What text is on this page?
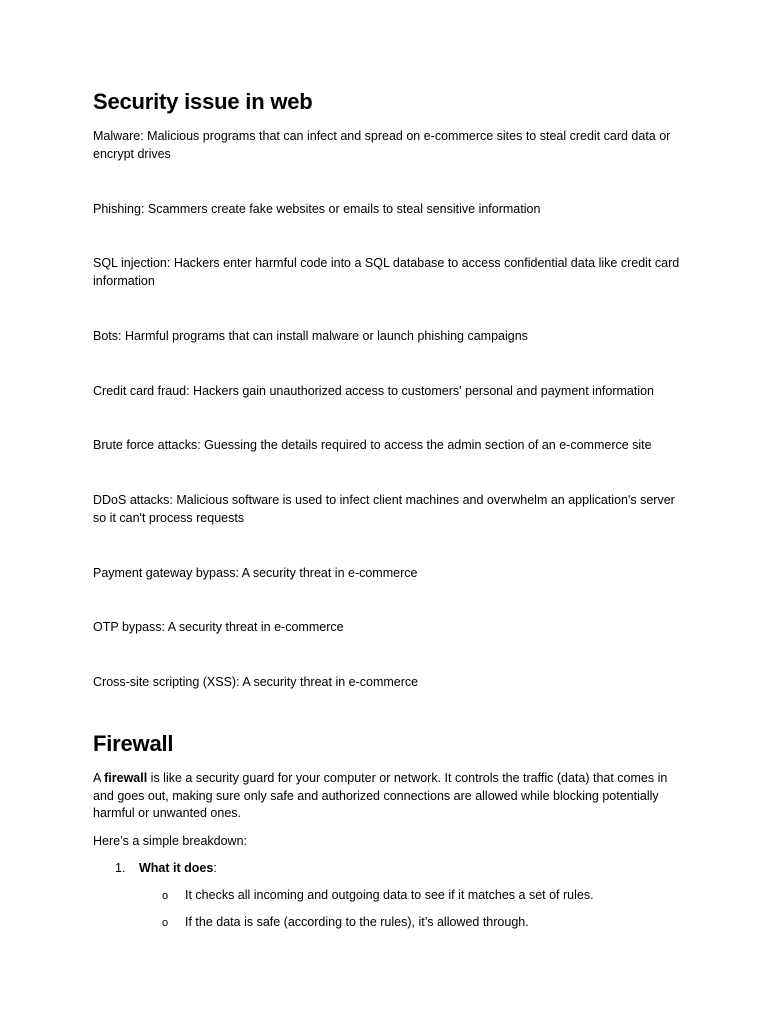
Security issue in web

Malware: Malicious programs that can infect and spread on e-commerce sites to steal credit card data or encrypt drives

Phishing: Scammers create fake websites or emails to steal sensitive information

SQL injection: Hackers enter harmful code into a SQL database to access confidential data like credit card information

Bots: Harmful programs that can install malware or launch phishing campaigns

Credit card fraud: Hackers gain unauthorized access to customers' personal and payment information

Brute force attacks: Guessing the details required to access the admin section of an e-commerce site

DDoS attacks: Malicious software is used to infect client machines and overwhelm an application's server so it can't process requests

Payment gateway bypass: A security threat in e-commerce

OTP bypass: A security threat in e-commerce

Cross-site scripting (XSS): A security threat in e-commerce

Firewall

A firewall is like a security guard for your computer or network. It controls the traffic (data) that comes in and goes out, making sure only safe and authorized connections are allowed while blocking potentially harmful or unwanted ones.

Here’s a simple breakdown:

1. What it does:
o It checks all incoming and outgoing data to see if it matches a set of rules.
o If the data is safe (according to the rules), it’s allowed through.
